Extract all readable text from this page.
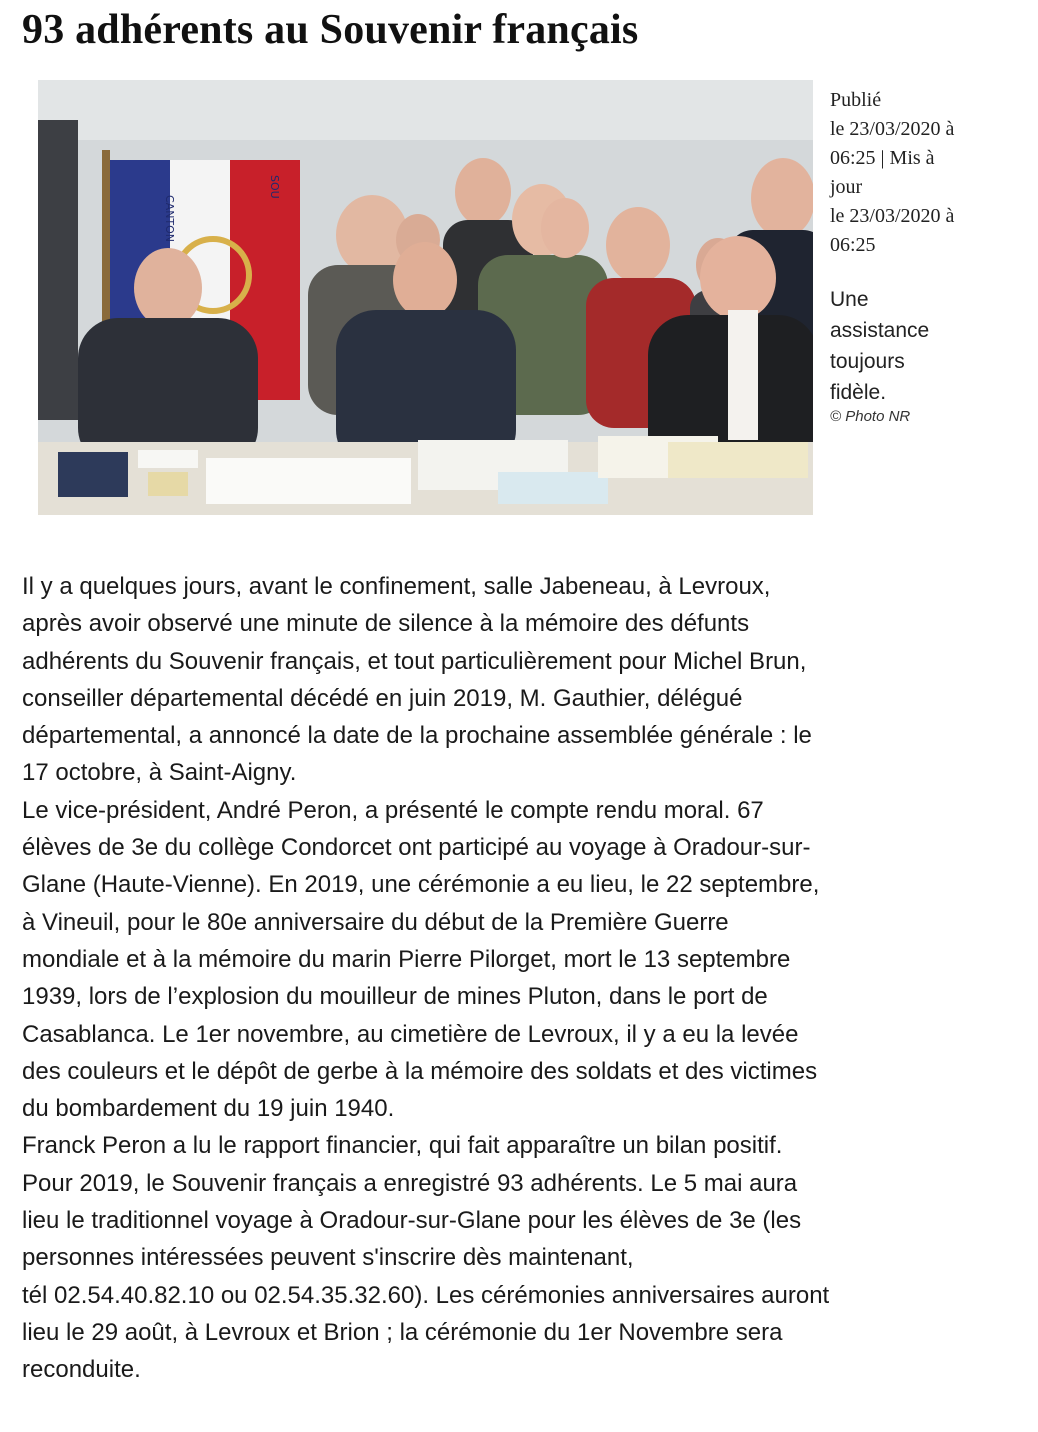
93 adhérents au Souvenir français
CANTON
SOU
Publié
le 23/03/2020 à
06:25 | Mis à
jour
le 23/03/2020 à
06:25
Une
assistance
toujours
fidèle.
© Photo NR
Il y a quelques jours, avant le confinement, salle Jabeneau, à Levroux,
après avoir observé une minute de silence à la mémoire des défunts
adhérents du Souvenir français, et tout particulièrement pour Michel Brun,
conseiller départemental décédé en juin 2019, M. Gauthier, délégué
départemental, a annoncé la date de la prochaine assemblée générale : le
17 octobre, à Saint-Aigny.
Le vice-président, André Peron, a présenté le compte rendu moral. 67
élèves de 3e du collège Condorcet ont participé au voyage à Oradour-sur-
Glane (Haute-Vienne). En 2019, une cérémonie a eu lieu, le 22 septembre,
à Vineuil, pour le 80e anniversaire du début de la Première Guerre
mondiale et à la mémoire du marin Pierre Pilorget, mort le 13 septembre
1939, lors de l’explosion du mouilleur de mines Pluton, dans le port de
Casablanca. Le 1er novembre, au cimetière de Levroux, il y a eu la levée
des couleurs et le dépôt de gerbe à la mémoire des soldats et des victimes
du bombardement du 19 juin 1940.
Franck Peron a lu le rapport financier, qui fait apparaître un bilan positif.
Pour 2019, le Souvenir français a enregistré 93 adhérents. Le 5 mai aura
lieu le traditionnel voyage à Oradour-sur-Glane pour les élèves de 3e (les
personnes intéressées peuvent s'inscrire dès maintenant,
tél 02.54.40.82.10 ou 02.54.35.32.60). Les cérémonies anniversaires auront
lieu le 29 août, à Levroux et Brion ; la cérémonie du 1er Novembre sera
reconduite.
